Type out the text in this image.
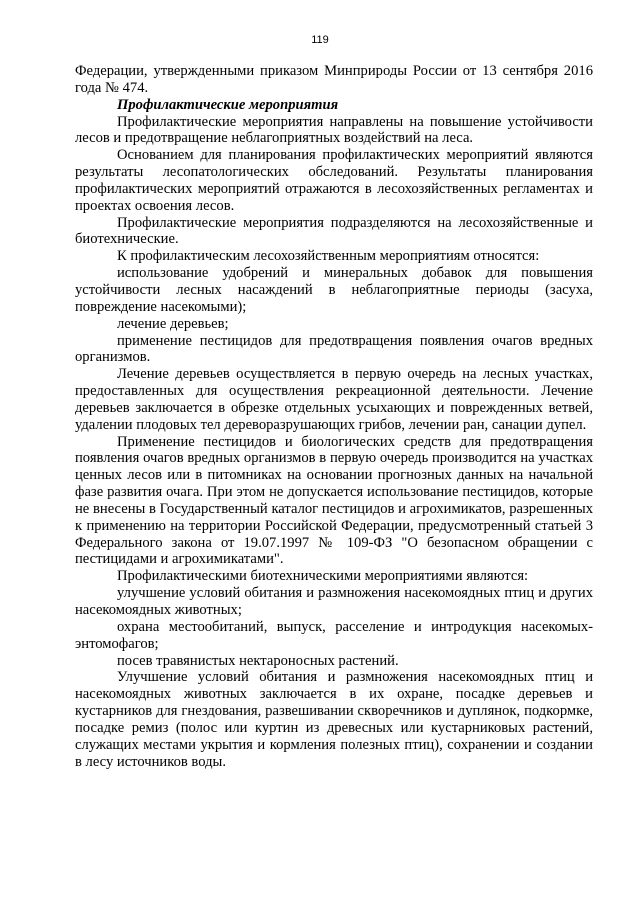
119

Федерации, утвержденными приказом Минприроды России от 13 сентября 2016 года № 474.

Профилактические мероприятия

Профилактические мероприятия направлены на повышение устойчивости лесов и предотвращение неблагоприятных воздействий на леса.

Основанием для планирования профилактических мероприятий являются результаты лесопатологических обследований. Результаты планирования профилактических мероприятий отражаются в лесохозяйственных регламентах и проектах освоения лесов.

Профилактические мероприятия подразделяются на лесохозяйственные и биотехнические.

К профилактическим лесохозяйственным мероприятиям относятся:

использование удобрений и минеральных добавок для повышения устойчивости лесных насаждений в неблагоприятные периоды (засуха, повреждение насекомыми);

лечение деревьев;

применение пестицидов для предотвращения появления очагов вредных организмов.

Лечение деревьев осуществляется в первую очередь на лесных участках, предоставленных для осуществления рекреационной деятельности. Лечение деревьев заключается в обрезке отдельных усыхающих и поврежденных ветвей, удалении плодовых тел дереворазрушающих грибов, лечении ран, санации дупел.

Применение пестицидов и биологических средств для предотвращения появления очагов вредных организмов в первую очередь производится на участках ценных лесов или в питомниках на основании прогнозных данных на начальной фазе развития очага. При этом не допускается использование пестицидов, которые не внесены в Государственный каталог пестицидов и агрохимикатов, разрешенных к применению на территории Российской Федерации, предусмотренный статьей 3 Федерального закона от 19.07.1997 № 109-ФЗ "О безопасном обращении с пестицидами и агрохимикатами".

Профилактическими биотехническими мероприятиями являются:

улучшение условий обитания и размножения насекомоядных птиц и других насекомоядных животных;

охрана местообитаний, выпуск, расселение и интродукция насекомых-энтомофагов;

посев травянистых нектароносных растений.

Улучшение условий обитания и размножения насекомоядных птиц и насекомоядных животных заключается в их охране, посадке деревьев и кустарников для гнездования, развешивании скворечников и дуплянок, подкормке, посадке ремиз (полос или куртин из древесных или кустарниковых растений, служащих местами укрытия и кормления полезных птиц), сохранении и создании в лесу источников воды.
